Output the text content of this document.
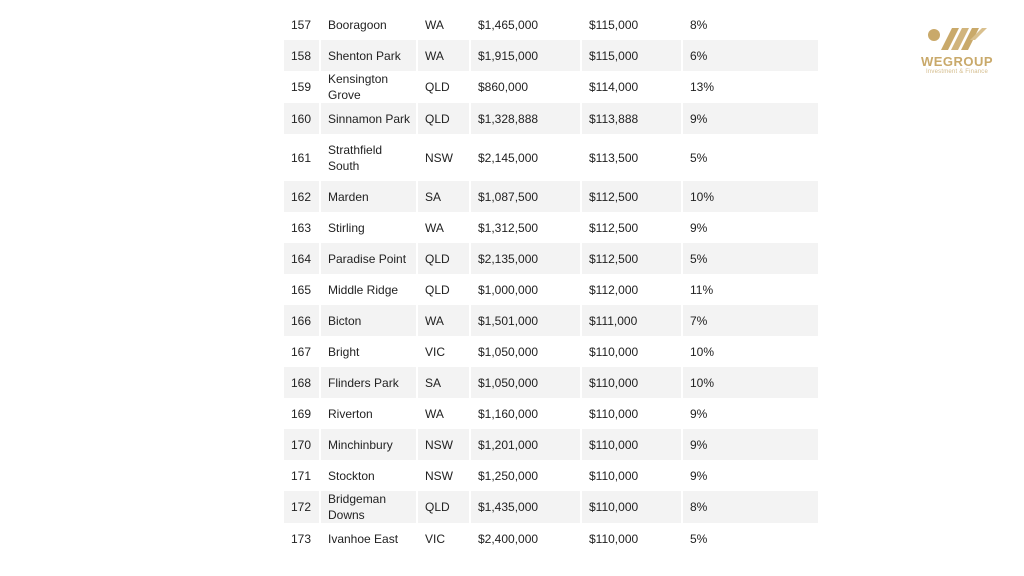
157	Booragoon	WA	$1,465,000	$115,000	8%
158	Shenton Park	WA	$1,915,000	$115,000	6%
159	Kensington Grove	QLD	$860,000	$114,000	13%
160	Sinnamon Park	QLD	$1,328,888	$113,888	9%
161	Strathfield South	NSW	$2,145,000	$113,500	5%
162	Marden	SA	$1,087,500	$112,500	10%
163	Stirling	WA	$1,312,500	$112,500	9%
164	Paradise Point	QLD	$2,135,000	$112,500	5%
165	Middle Ridge	QLD	$1,000,000	$112,000	11%
166	Bicton	WA	$1,501,000	$111,000	7%
167	Bright	VIC	$1,050,000	$110,000	10%
168	Flinders Park	SA	$1,050,000	$110,000	10%
169	Riverton	WA	$1,160,000	$110,000	9%
170	Minchinbury	NSW	$1,201,000	$110,000	9%
171	Stockton	NSW	$1,250,000	$110,000	9%
172	Bridgeman Downs	QLD	$1,435,000	$110,000	8%
173	Ivanhoe East	VIC	$2,400,000	$110,000	5%
WEGROUP
Investment & Finance
